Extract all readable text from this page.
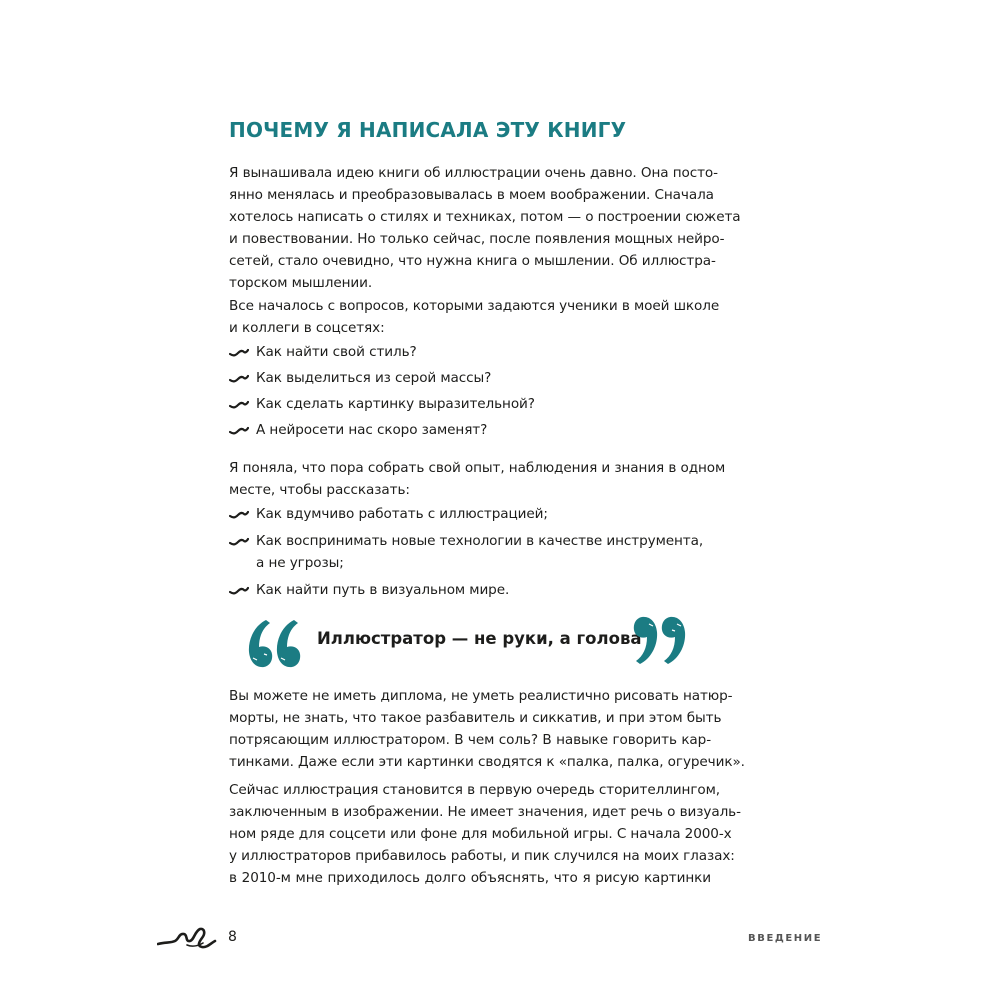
ПОЧЕМУ Я НАПИСАЛА ЭТУ КНИГУ

Я вынашивала идею книги об иллюстрации очень давно. Она посто-
янно менялась и преобразовывалась в моем воображении. Сначала
хотелось написать о стилях и техниках, потом — о построении сюжета
и повествовании. Но только сейчас, после появления мощных нейро-
сетей, стало очевидно, что нужна книга о мышлении. Об иллюстра-
торском мышлении.

Все началось с вопросов, которыми задаются ученики в моей школе
и коллеги в соцсетях:

Как найти свой стиль?
Как выделиться из серой массы?
Как сделать картинку выразительной?
А нейросети нас скоро заменят?

Я поняла, что пора собрать свой опыт, наблюдения и знания в одном
месте, чтобы рассказать:

Как вдумчиво работать с иллюстрацией;
Как воспринимать новые технологии в качестве инструмента,
а не угрозы;
Как найти путь в визуальном мире.
Иллюстратор — не руки, а голова

Вы можете не иметь диплома, не уметь реалистично рисовать натюр-
морты, не знать, что такое разбавитель и сиккатив, и при этом быть
потрясающим иллюстратором. В чем соль? В навыке говорить кар-
тинками. Даже если эти картинки сводятся к «палка, палка, огуречик».

Сейчас иллюстрация становится в первую очередь сторителлингом,
заключенным в изображении. Не имеет значения, идет речь о визуаль-
ном ряде для соцсети или фоне для мобильной игры. С начала 2000-х
у иллюстраторов прибавилось работы, и пик случился на моих глазах:
в 2010-м мне приходилось долго объяснять, что я рисую картинки

8	ВВЕДЕНИЕ
